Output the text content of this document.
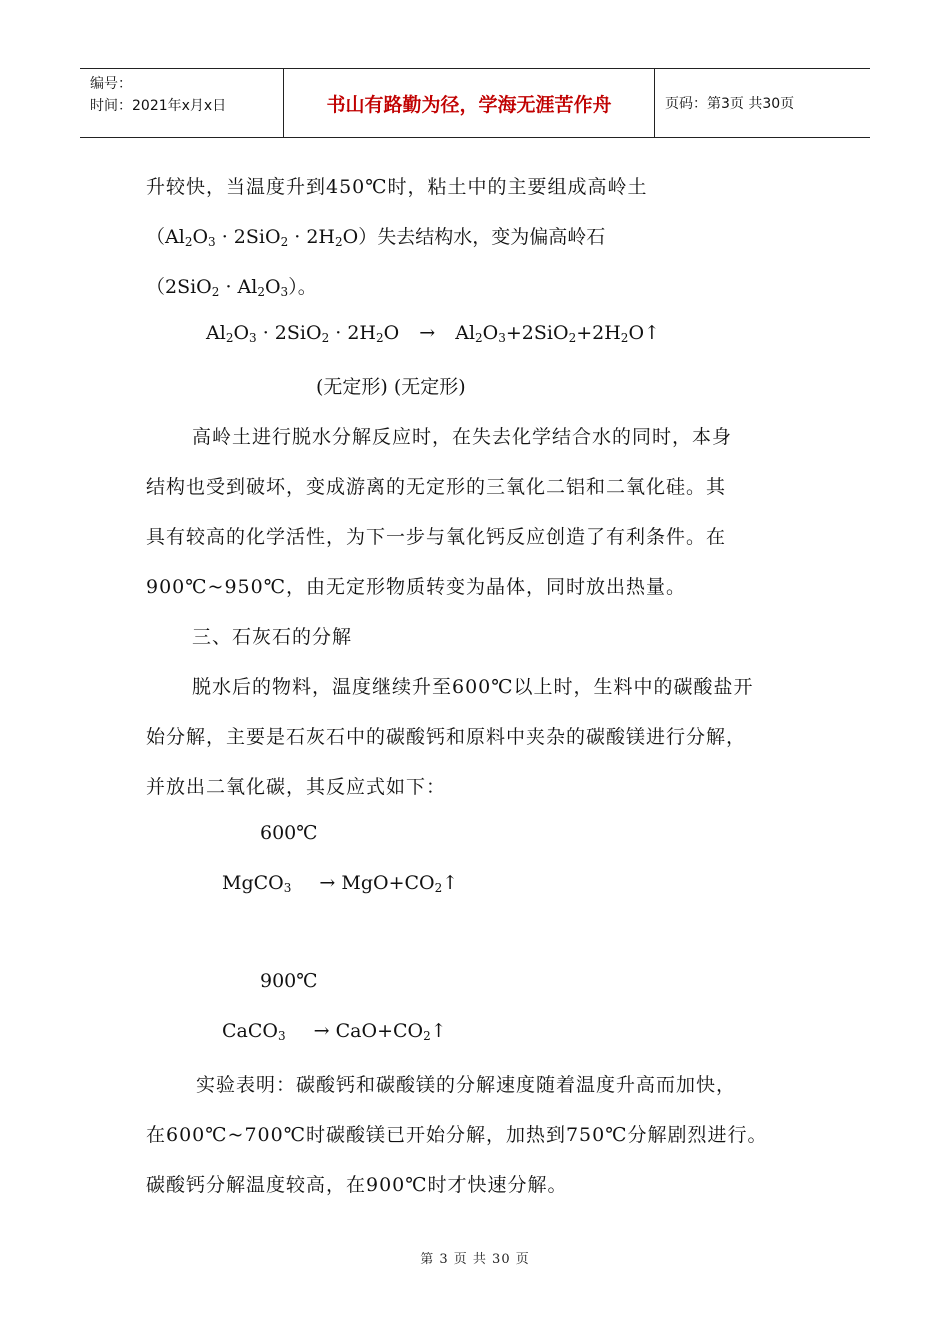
编号：
时间：2021年x月x日	书山有路勤为径，学海无涯苦作舟	页码：第3页 共30页
升较快，当温度升到450℃时，粘土中的主要组成高岭土
$(Al_2O_3 \cdot 2SiO_2 \cdot 2H_2O)$失去结构水，变为偏高岭石
$(2SiO_2 \cdot Al_2O_3)$。
$Al_2O_3 \cdot 2SiO_2 \cdot 2H_2O$ → $Al_2O_3+2SiO_2+2H_2O↑$
(无定形) (无定形)
高岭土进行脱水分解反应时，在失去化学结合水的同时，本身
结构也受到破坏，变成游离的无定形的三氧化二铝和二氧化硅。其
具有较高的化学活性，为下一步与氧化钙反应创造了有利条件。在
900℃~950℃，由无定形物质转变为晶体，同时放出热量。
三、石灰石的分解
脱水后的物料，温度继续升至600℃以上时，生料中的碳酸盐开
始分解，主要是石灰石中的碳酸钙和原料中夹杂的碳酸镁进行分解，
并放出二氧化碳，其反应式如下：
600℃
MgCO$_3$ → $MgO+CO_2↑$
900℃
CaCO$_3$ → $CaO+CO_2↑$
实验表明：碳酸钙和碳酸镁的分解速度随着温度升高而加快，
在600℃~700℃时碳酸镁已开始分解，加热到750℃分解剧烈进行。
碳酸钙分解温度较高，在900℃时才快速分解。
第 3 页 共 30 页
